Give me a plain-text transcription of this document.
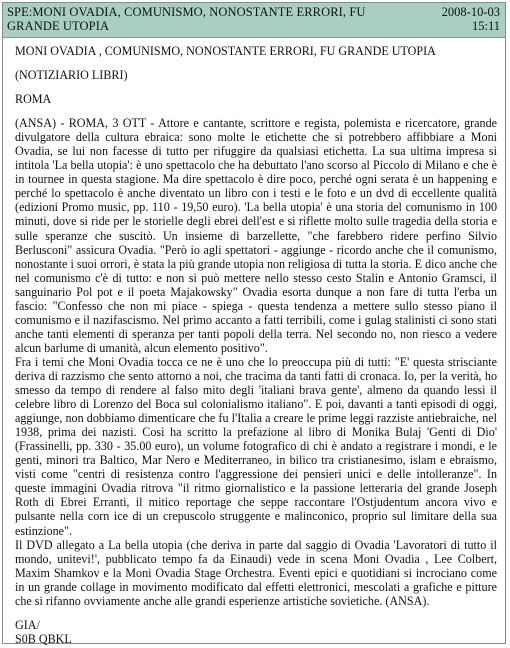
SPE:MONI OVADIA, COMUNISMO, NONOSTANTE ERRORI, FU GRANDE UTOPIA
2008-10-03
15:11

MONI OVADIA , COMUNISMO, NONOSTANTE ERRORI, FU GRANDE UTOPIA

(NOTIZIARIO LIBRI)

ROMA

(ANSA) - ROMA, 3 OTT - Attore e cantante, scrittore e regista, polemista e ricercatore, grande divulgatore della cultura ebraica: sono molte le etichette che si potrebbero affibbiare a Moni Ovadia, se lui non facesse di tutto per rifuggire da qualsiasi etichetta. La sua ultima impresa si intitola 'La bella utopia': è uno spettacolo che ha debuttato l'ano scorso al Piccolo di Milano e che è in tournee in questa stagione. Ma dire spettacolo è dire poco, perché ogni serata è un happening e perché lo spettacolo è anche diventato un libro con i testi e le foto e un dvd di eccellente qualità (edizioni Promo music, pp. 110 - 19,50 euro). 'La bella utopia' è una storia del comunismo in 100 minuti, dove si ride per le storielle degli ebrei dell'est e si riflette molto sulle tragedia della storia e sulle speranze che suscitò. Un insieme di barzellette, "che farebbero ridere perfino Silvio Berlusconi" assicura Ovadia. "Però io agli spettatori - aggiunge - ricordo anche che il comunismo, nonostante i suoi orrori, è stata la più grande utopia non religiosa di tutta la storia. E dico anche che nel comunismo c'è di tutto: e non si può mettere nello stesso cesto Stalin e Antonio Gramsci, il sanguinario Pol pot e il poeta Majakowsky" Ovadia esorta dunque a non fare di tutta l'erba un fascio: "Confesso che non mi piace - spiega - questa tendenza a mettere sullo stesso piano il comunismo e il nazifascismo. Nel primo accanto a fatti terribili, come i gulag stalinisti ci sono stati anche tanti elementi di speranza per tanti popoli della terra. Nel secondo no, non riesco a vedere alcun barlume di umanità, alcun elemento positivo".

Fra i temi che Moni Ovadia tocca ce ne è uno che lo preoccupa più di tutti: "E' questa strisciante deriva di razzismo che sento attorno a noi, che tracima da tanti fatti di cronaca. Io, per la verità, ho smesso da tempo di rendere al falso mito degli 'italiani brava gente', almeno da quando lessi il celebre libro di Lorenzo del Boca sul colonialismo italiano". E poi, davanti a tanti episodi di oggi, aggiunge, non dobbiamo dimenticare che fu l'Italia a creare le prime leggi razziste antiebraiche, nel 1938, prima dei nazisti. Così ha scritto la prefazione al libro di Monika Bulaj 'Genti di Dio' (Frassinelli, pp. 330 - 35.00 euro), un volume fotografico di chi è andato a registrare i mondi, e le genti, minori tra Baltico, Mar Nero e Mediterraneo, in bilico tra cristianesimo, islam e ebraismo, visti come "centri di resistenza contro l'aggressione dei pensieri unici e delle intolleranze". In queste immagini Ovadia ritrova "il ritmo giornalistico e la passione letteraria del grande Joseph Roth di Ebrei Erranti, il mitico reportage che seppe raccontare l'Ostjudentum ancora vivo e pulsante nella corn ice di un crepuscolo struggente e malinconico, proprio sul limitare della sua estinzione".

Il DVD allegato a La bella utopia (che deriva in parte dal saggio di Ovadia 'Lavoratori di tutto il mondo, unitevi!', pubblicato tempo fa da Einaudi) vede in scena Moni Ovadia , Lee Colbert, Maxim Shamkov e la Moni Ovadia Stage Orchestra. Eventi epici e quotidiani si incrociano come in un grande collage in movimento modificato dal effetti elettronici, mescolati a grafiche e pitture che si rifanno ovviamente anche alle grandi esperienze artistiche sovietiche. (ANSA).

GIA/

S0B QBKL
